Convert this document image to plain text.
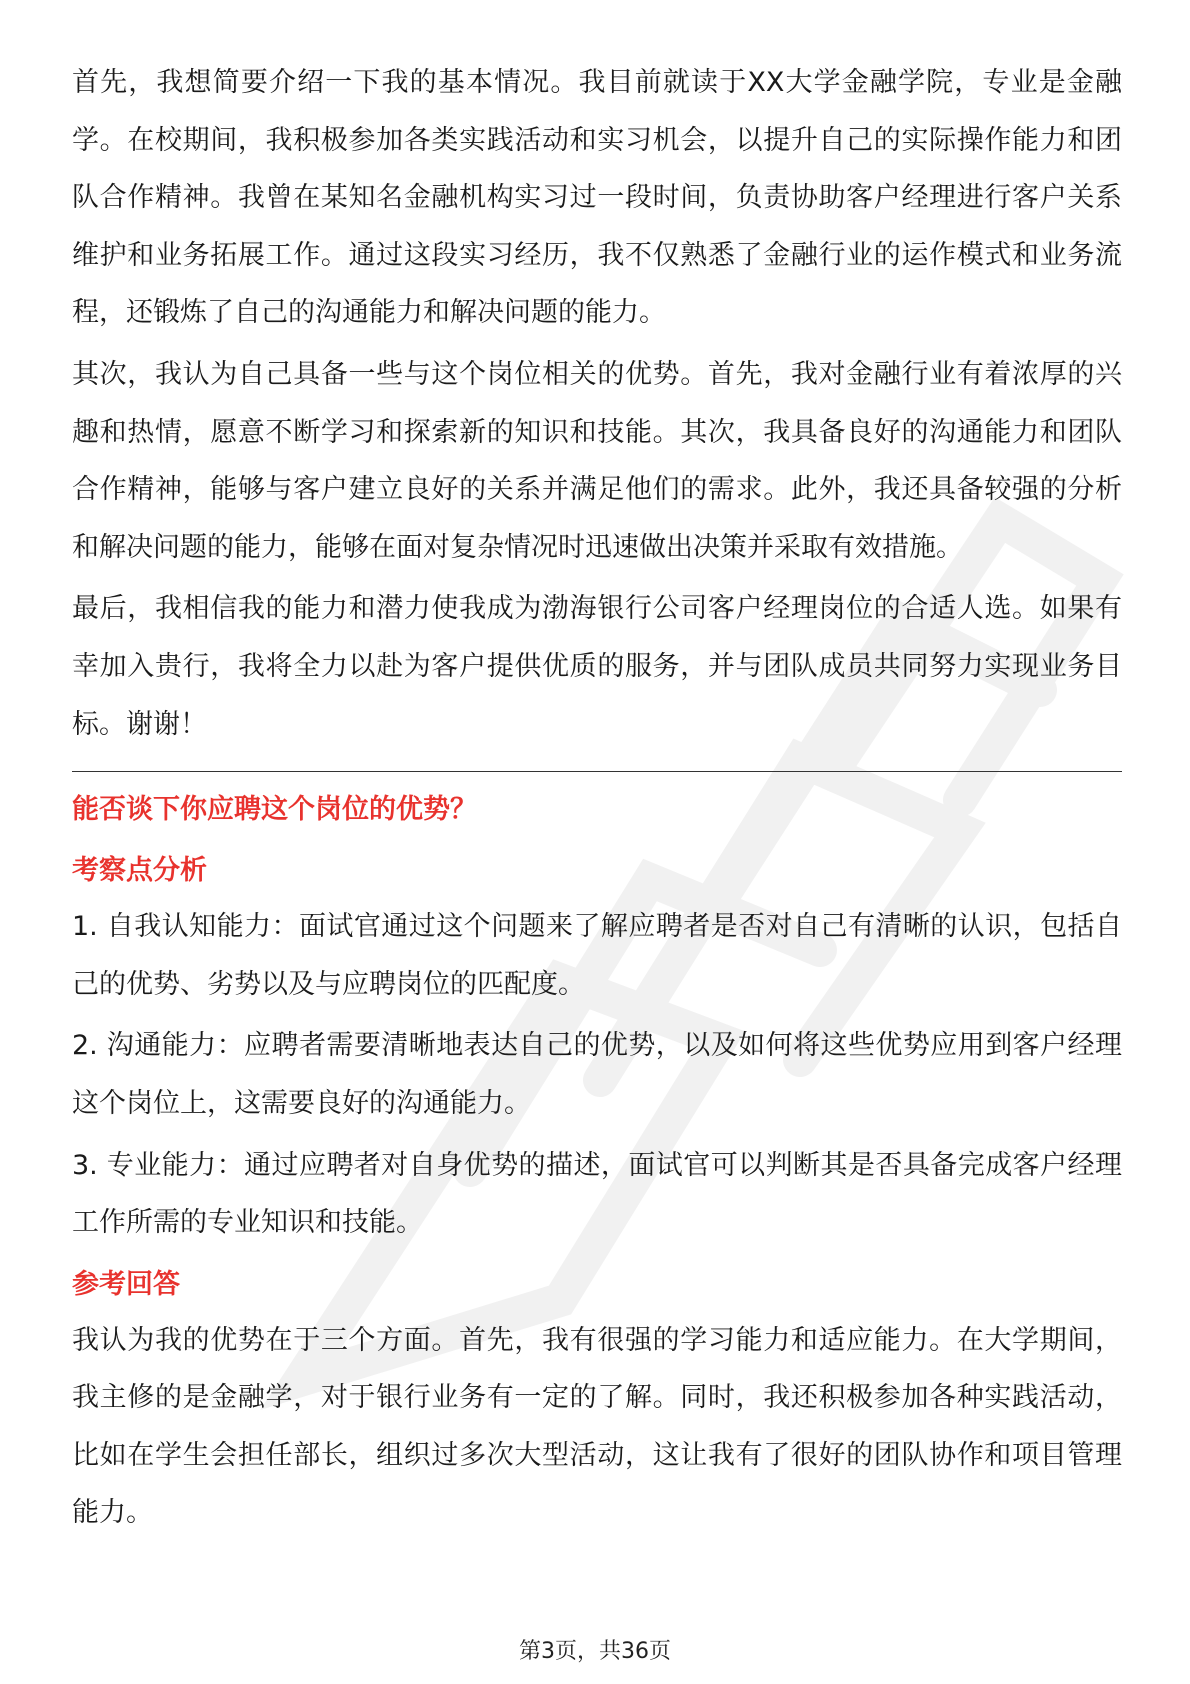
首先，我想简要介绍一下我的基本情况。我目前就读于XX大学金融学院，专业是金融学。在校期间，我积极参加各类实践活动和实习机会，以提升自己的实际操作能力和团队合作精神。我曾在某知名金融机构实习过一段时间，负责协助客户经理进行客户关系维护和业务拓展工作。通过这段实习经历，我不仅熟悉了金融行业的运作模式和业务流程，还锻炼了自己的沟通能力和解决问题的能力。

其次，我认为自己具备一些与这个岗位相关的优势。首先，我对金融行业有着浓厚的兴趣和热情，愿意不断学习和探索新的知识和技能。其次，我具备良好的沟通能力和团队合作精神，能够与客户建立良好的关系并满足他们的需求。此外，我还具备较强的分析和解决问题的能力，能够在面对复杂情况时迅速做出决策并采取有效措施。

最后，我相信我的能力和潜力使我成为渤海银行公司客户经理岗位的合适人选。如果有幸加入贵行，我将全力以赴为客户提供优质的服务，并与团队成员共同努力实现业务目标。谢谢！

能否谈下你应聘这个岗位的优势？
考察点分析

1. 自我认知能力：面试官通过这个问题来了解应聘者是否对自己有清晰的认识，包括自己的优势、劣势以及与应聘岗位的匹配度。

2. 沟通能力：应聘者需要清晰地表达自己的优势，以及如何将这些优势应用到客户经理这个岗位上，这需要良好的沟通能力。

3. 专业能力：通过应聘者对自身优势的描述，面试官可以判断其是否具备完成客户经理工作所需的专业知识和技能。

参考回答

我认为我的优势在于三个方面。首先，我有很强的学习能力和适应能力。在大学期间，我主修的是金融学，对于银行业务有一定的了解。同时，我还积极参加各种实践活动，比如在学生会担任部长，组织过多次大型活动，这让我有了很好的团队协作和项目管理能力。

第3页，共36页
